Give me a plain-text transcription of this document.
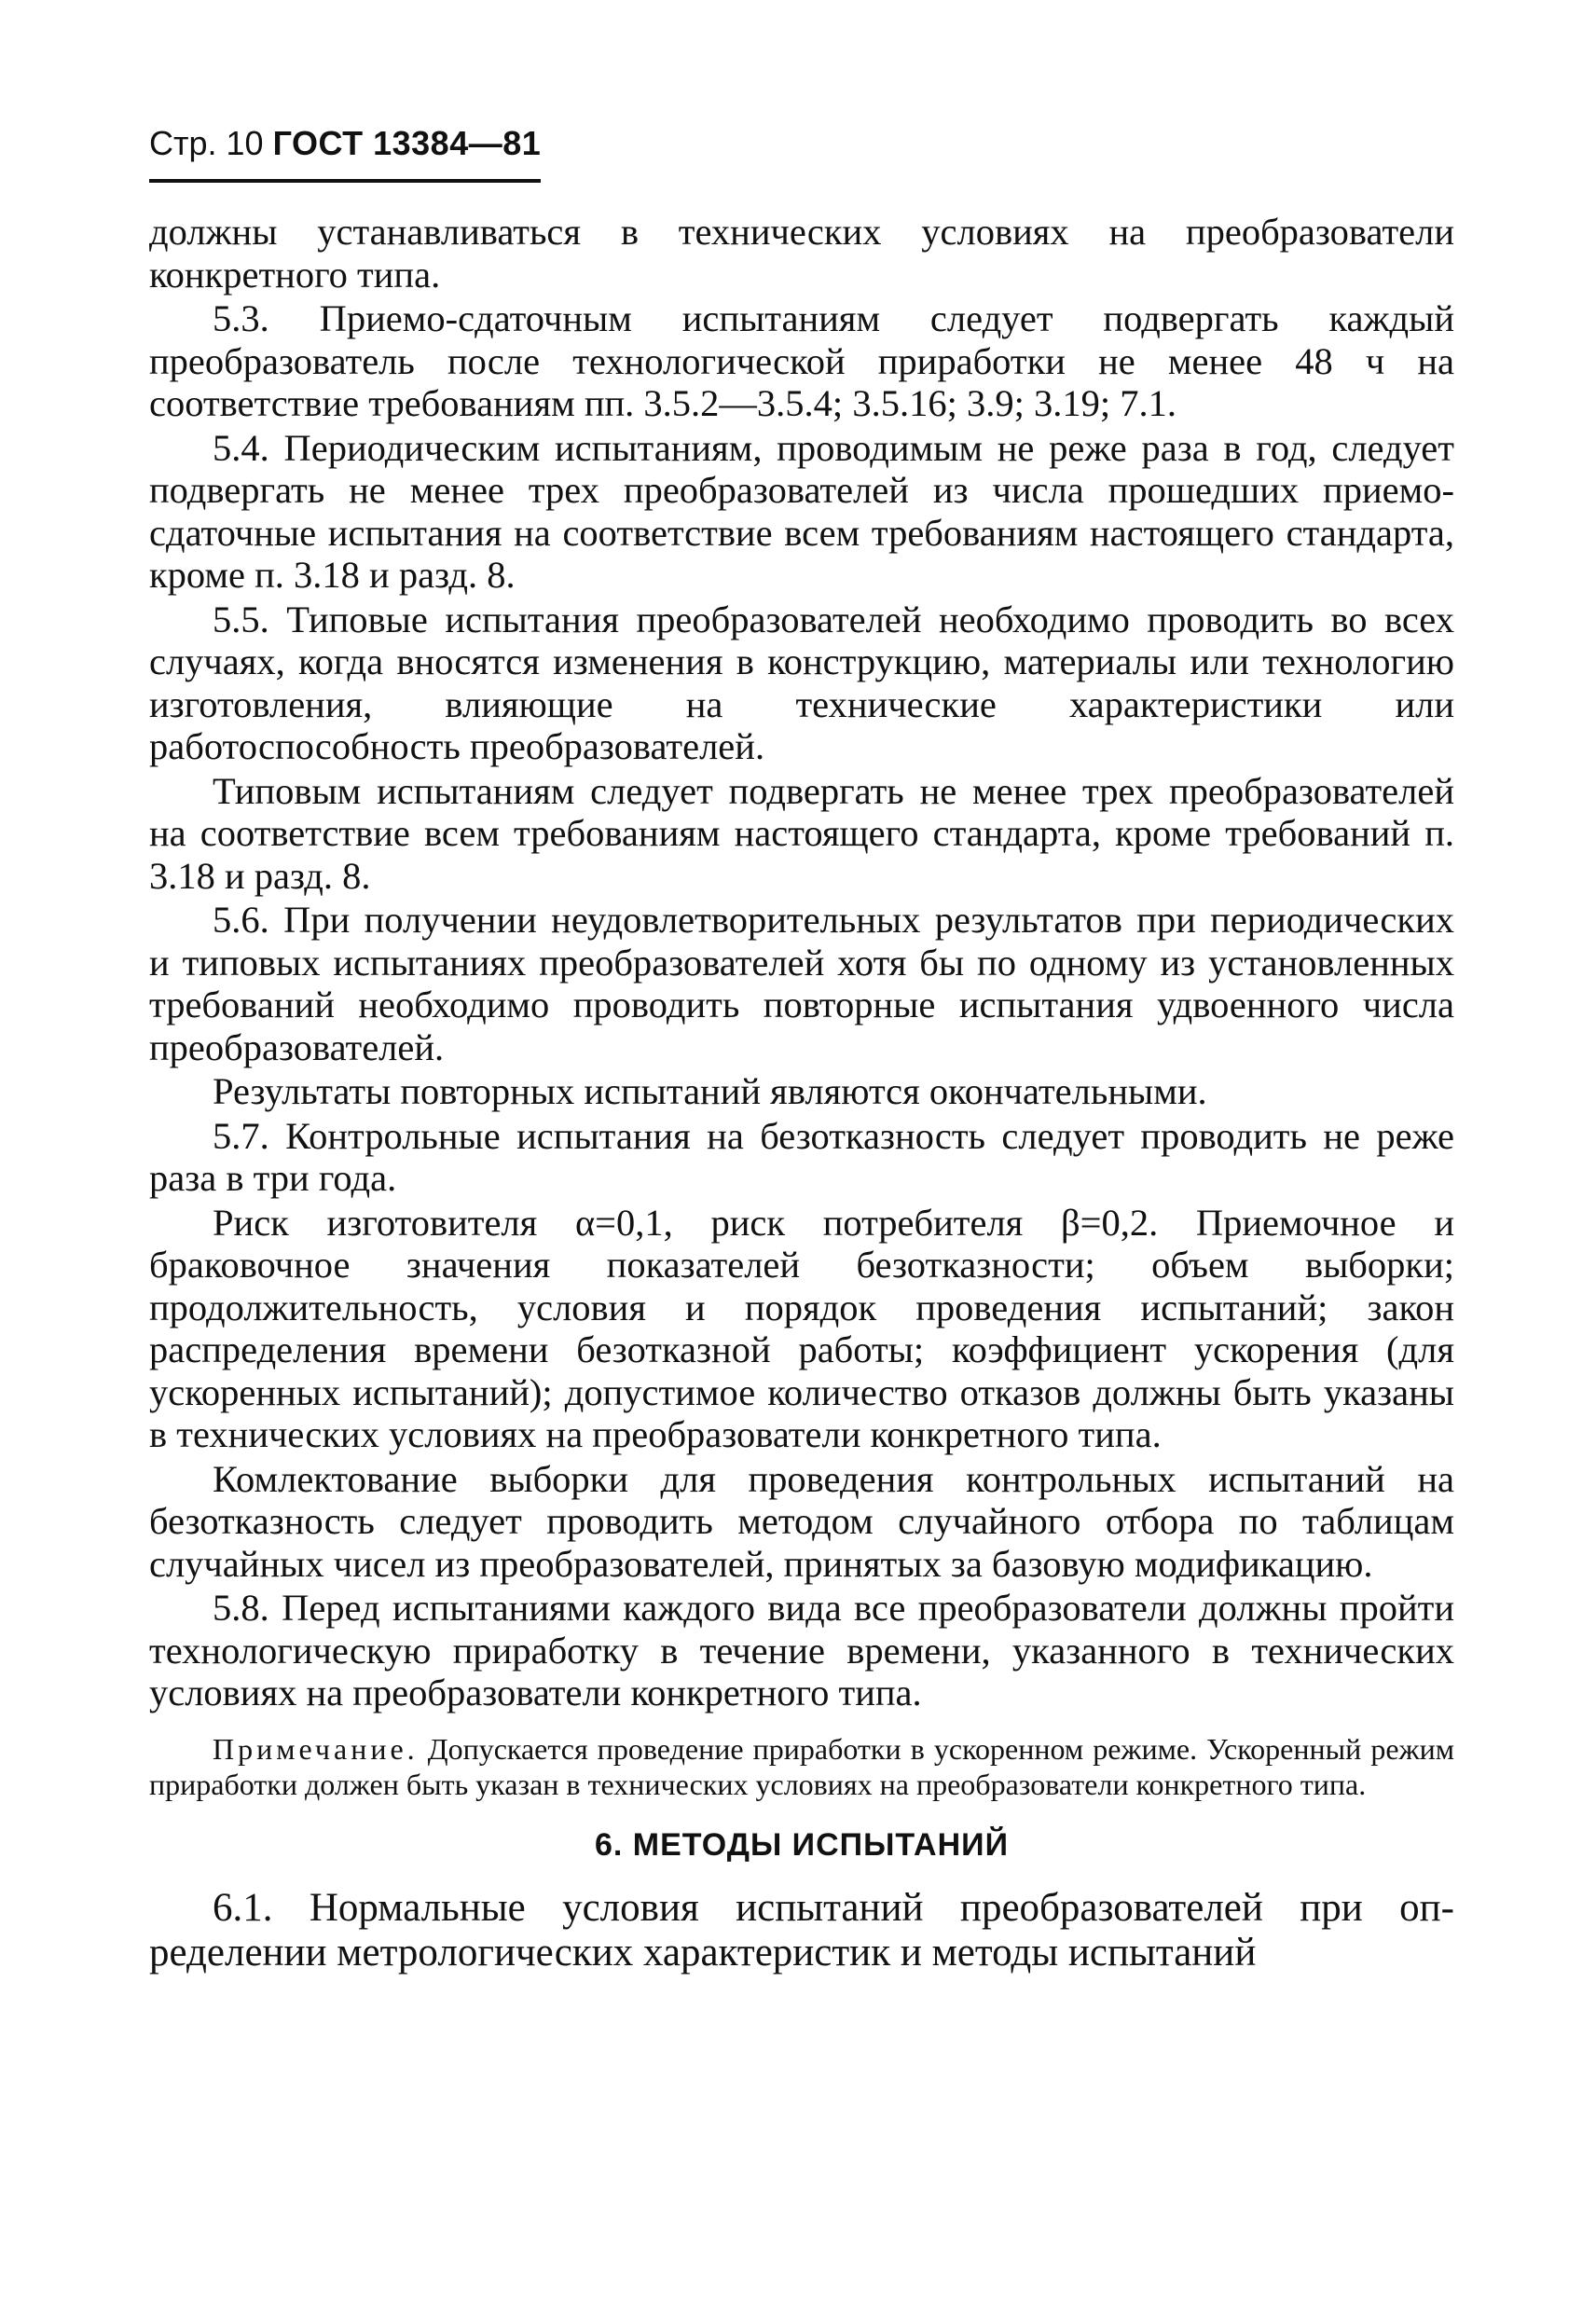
Стр. 10 ГОСТ 13384—81

должны устанавливаться в технических условиях на преобразователи конкретного типа.

5.3. Приемо-сдаточным испытаниям следует подвергать каждый преобразователь после технологической приработки не менее 48 ч на соответствие требованиям пп. 3.5.2—3.5.4; 3.5.16; 3.9; 3.19; 7.1.

5.4. Периодическим испытаниям, проводимым не реже раза в год, следует подвергать не менее трех преобразователей из числа прошедших приемо-сдаточные испытания на соответствие всем требованиям настоящего стандарта, кроме п. 3.18 и разд. 8.

5.5. Типовые испытания преобразователей необходимо проводить во всех случаях, когда вносятся изменения в конструкцию, материалы или технологию изготовления, влияющие на технические характеристики или работоспособность преобразователей.

Типовым испытаниям следует подвергать не менее трех преобразователей на соответствие всем требованиям настоящего стандарта, кроме требований п. 3.18 и разд. 8.

5.6. При получении неудовлетворительных результатов при периодических и типовых испытаниях преобразователей хотя бы по одному из установленных требований необходимо проводить повторные испытания удвоенного числа преобразователей.

Результаты повторных испытаний являются окончательными.

5.7. Контрольные испытания на безотказность следует проводить не реже раза в три года.

Риск изготовителя α=0,1, риск потребителя β=0,2. Приемочное и браковочное значения показателей безотказности; объем выборки; продолжительность, условия и порядок проведения испытаний; закон распределения времени безотказной работы; коэффициент ускорения (для ускоренных испытаний); допустимое количество отказов должны быть указаны в технических условиях на преобразователи конкретного типа.

Комлектование выборки для проведения контрольных испытаний на безотказность следует проводить методом случайного отбора по таблицам случайных чисел из преобразователей, принятых за базовую модификацию.

5.8. Перед испытаниями каждого вида все преобразователи должны пройти технологическую приработку в течение времени, указанного в технических условиях на преобразователи конкретного типа.

Примечание. Допускается проведение приработки в ускоренном режиме. Ускоренный режим приработки должен быть указан в технических условиях на преобразователи конкретного типа.

6. МЕТОДЫ ИСПЫТАНИЙ

6.1. Нормальные условия испытаний преобразователей при определении метрологических характеристик и методы испытаний
